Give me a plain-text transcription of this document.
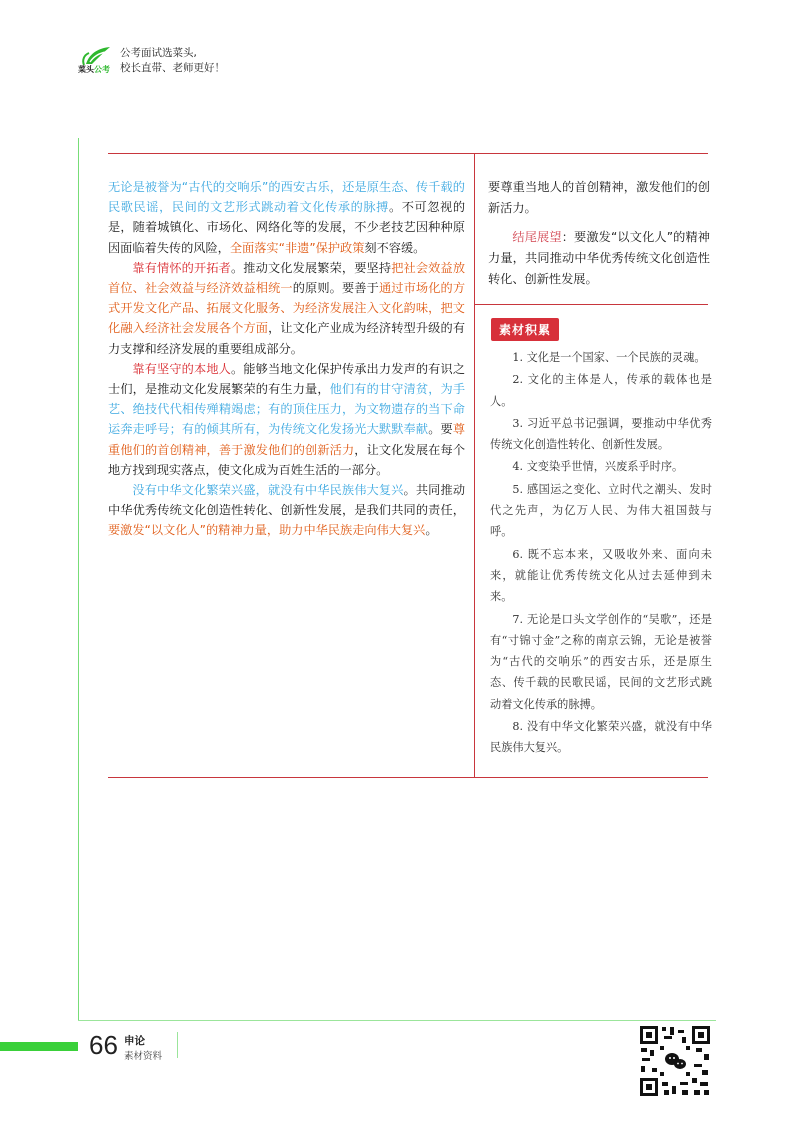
菜头公考
公考面试选菜头,
校长直带、老师更好！

无论是被誉为“古代的交响乐”的西安古乐，还是原生态、传千载的民歌民谣，民间的文艺形式跳动着文化传承的脉搏。不可忽视的是，随着城镇化、市场化、网络化等的发展，不少老技艺因种种原因面临着失传的风险，全面落实“非遗”保护政策刻不容缓。

靠有情怀的开拓者。推动文化发展繁荣，要坚持把社会效益放首位、社会效益与经济效益相统一的原则。要善于通过市场化的方式开发文化产品、拓展文化服务、为经济发展注入文化韵味，把文化融入经济社会发展各个方面，让文化产业成为经济转型升级的有力支撑和经济发展的重要组成部分。

靠有坚守的本地人。能够当地文化保护传承出力发声的有识之士们，是推动文化发展繁荣的有生力量，他们有的甘守清贫，为手艺、绝技代代相传殚精竭虑；有的顶住压力，为文物遗存的当下命运奔走呼号；有的倾其所有，为传统文化发扬光大默默奉献。要尊重他们的首创精神，善于激发他们的创新活力，让文化发展在每个地方找到现实落点，使文化成为百姓生活的一部分。

没有中华文化繁荣兴盛，就没有中华民族伟大复兴。共同推动中华优秀传统文化创造性转化、创新性发展，是我们共同的责任，要激发“以文化人”的精神力量，助力中华民族走向伟大复兴。

要尊重当地人的首创精神，激发他们的创新活力。

结尾展望：要激发“以文化人”的精神力量，共同推动中华优秀传统文化创造性转化、创新性发展。

素材积累

1. 文化是一个国家、一个民族的灵魂。

2. 文化的主体是人，传承的载体也是人。

3. 习近平总书记强调，要推动中华优秀传统文化创造性转化、创新性发展。

4. 文变染乎世情，兴废系乎时序。

5. 感国运之变化、立时代之潮头、发时代之先声，为亿万人民、为伟大祖国鼓与呼。

6. 既不忘本来，又吸收外来、面向未来，就能让优秀传统文化从过去延伸到未来。

7. 无论是口头文学创作的“吴歌”，还是有“寸锦寸金”之称的南京云锦，无论是被誉为“古代的交响乐”的西安古乐，还是原生态、传千载的民歌民谣，民间的文艺形式跳动着文化传承的脉搏。

8. 没有中华文化繁荣兴盛，就没有中华民族伟大复兴。

66 申论
素材资料
